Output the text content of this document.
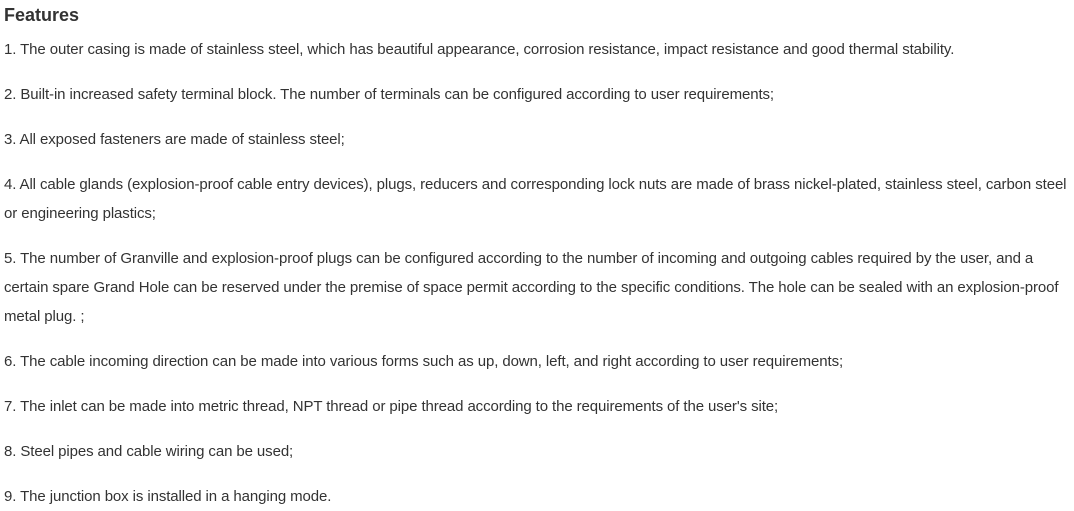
Features
1. The outer casing is made of stainless steel, which has beautiful appearance, corrosion resistance, impact resistance and good thermal stability.
2. Built-in increased safety terminal block. The number of terminals can be configured according to user requirements;
3. All exposed fasteners are made of stainless steel;
4. All cable glands (explosion-proof cable entry devices), plugs, reducers and corresponding lock nuts are made of brass nickel-plated, stainless steel, carbon steel or engineering plastics;
5. The number of Granville and explosion-proof plugs can be configured according to the number of incoming and outgoing cables required by the user, and a certain spare Grand Hole can be reserved under the premise of space permit according to the specific conditions. The hole can be sealed with an explosion-proof metal plug. ;
6. The cable incoming direction can be made into various forms such as up, down, left, and right according to user requirements;
7. The inlet can be made into metric thread, NPT thread or pipe thread according to the requirements of the user's site;
8. Steel pipes and cable wiring can be used;
9. The junction box is installed in a hanging mode.
